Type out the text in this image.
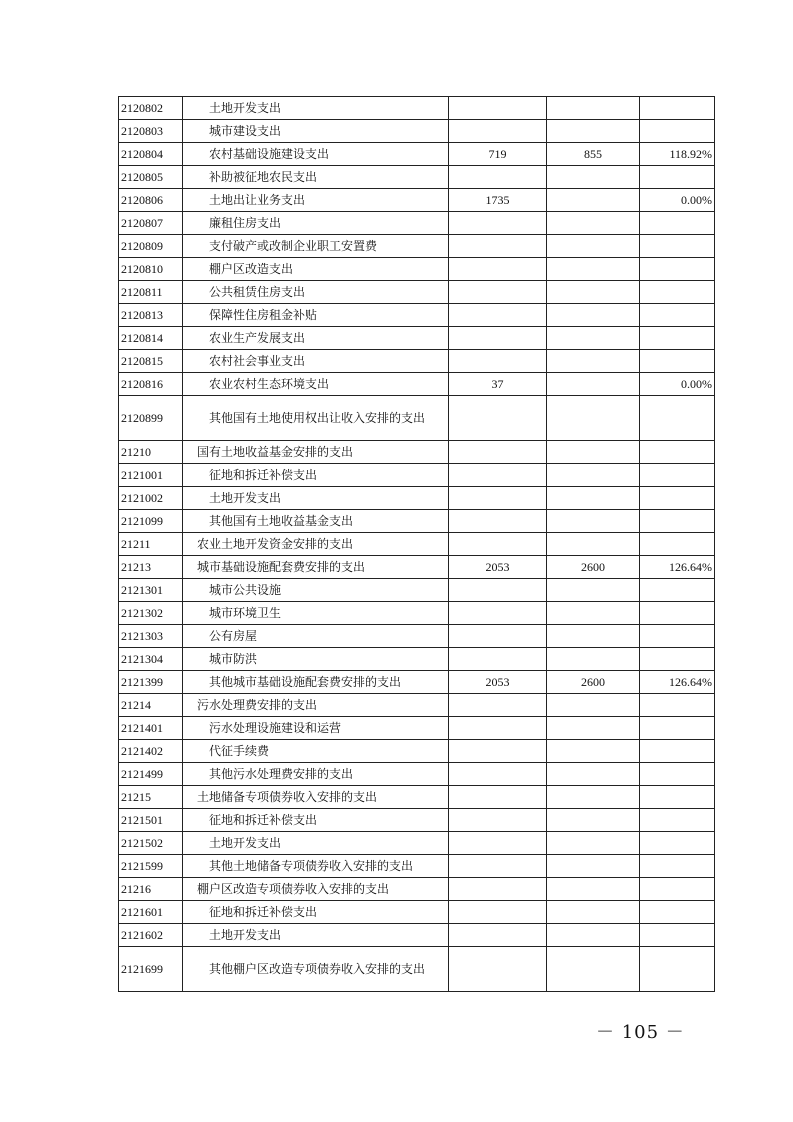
2120802	土地开发支出			
2120803	城市建设支出			
2120804	农村基础设施建设支出	719	855	118.92%
2120805	补助被征地农民支出			
2120806	土地出让业务支出	1735		0.00%
2120807	廉租住房支出			
2120809	支付破产或改制企业职工安置费			
2120810	棚户区改造支出			
2120811	公共租赁住房支出			
2120813	保障性住房租金补贴			
2120814	农业生产发展支出			
2120815	农村社会事业支出			
2120816	农业农村生态环境支出	37		0.00%
2120899	其他国有土地使用权出让收入安排的支出			
21210	国有土地收益基金安排的支出			
2121001	征地和拆迁补偿支出			
2121002	土地开发支出			
2121099	其他国有土地收益基金支出			
21211	农业土地开发资金安排的支出			
21213	城市基础设施配套费安排的支出	2053	2600	126.64%
2121301	城市公共设施			
2121302	城市环境卫生			
2121303	公有房屋			
2121304	城市防洪			
2121399	其他城市基础设施配套费安排的支出	2053	2600	126.64%
21214	污水处理费安排的支出			
2121401	污水处理设施建设和运营			
2121402	代征手续费			
2121499	其他污水处理费安排的支出			
21215	土地储备专项债券收入安排的支出			
2121501	征地和拆迁补偿支出			
2121502	土地开发支出			
2121599	其他土地储备专项债券收入安排的支出			
21216	棚户区改造专项债券收入安排的支出			
2121601	征地和拆迁补偿支出			
2121602	土地开发支出			
2121699	其他棚户区改造专项债券收入安排的支出			
－ 105 －
